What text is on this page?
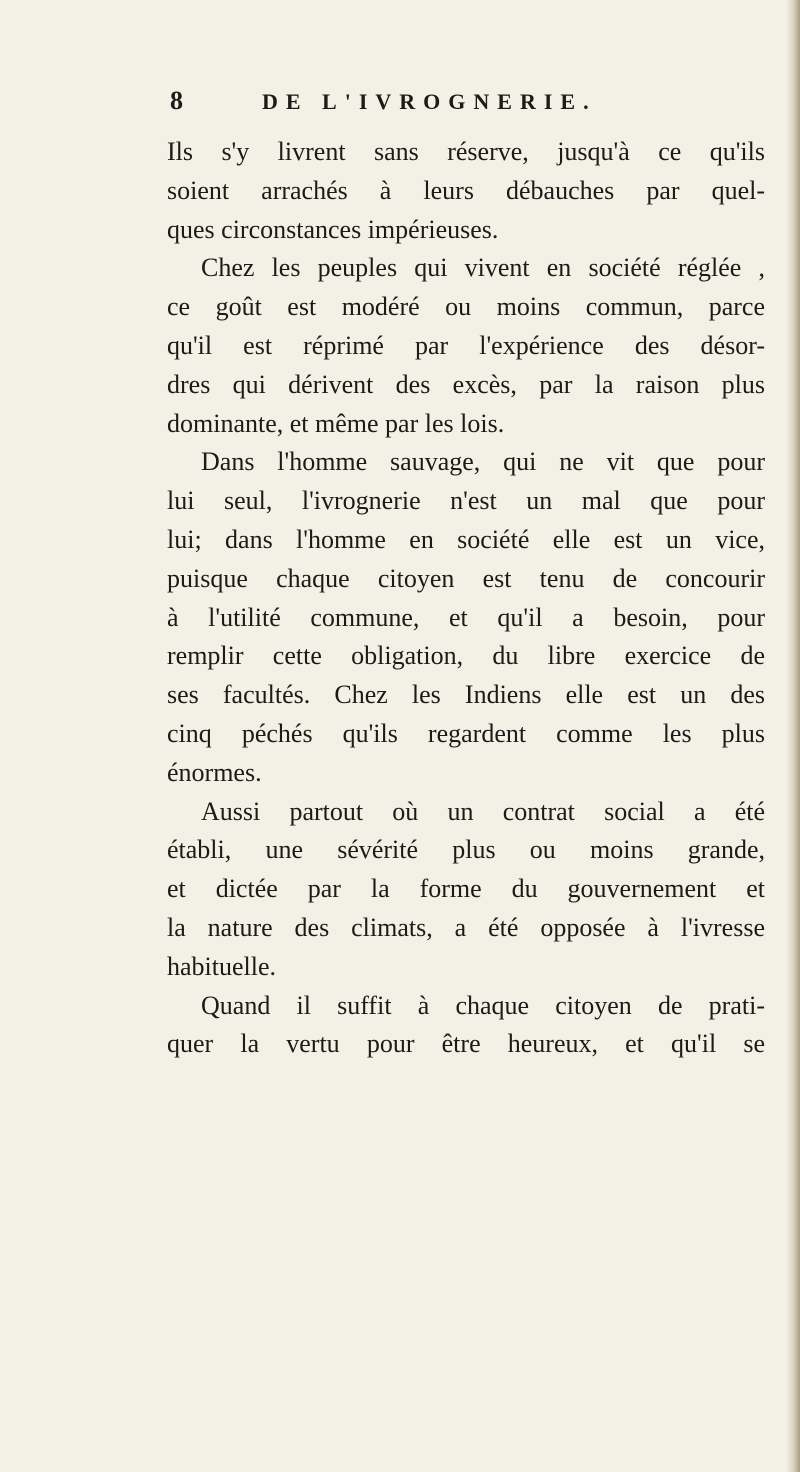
8	DE L'IVROGNERIE.
Ils s'y livrent sans réserve, jusqu'à ce qu'ils
soient arrachés à leurs débauches par quel-
ques circonstances impérieuses.
Chez les peuples qui vivent en société réglée ,
ce goût est modéré ou moins commun, parce
qu'il est réprimé par l'expérience des désor-
dres qui dérivent des excès, par la raison plus
dominante, et même par les lois.
Dans l'homme sauvage, qui ne vit que pour
lui seul, l'ivrognerie n'est un mal que pour
lui; dans l'homme en société elle est un vice,
puisque chaque citoyen est tenu de concourir
à l'utilité commune, et qu'il a besoin, pour
remplir cette obligation, du libre exercice de
ses facultés. Chez les Indiens elle est un des
cinq péchés qu'ils regardent comme les plus
énormes.
Aussi partout où un contrat social a été
établi, une sévérité plus ou moins grande,
et dictée par la forme du gouvernement et
la nature des climats, a été opposée à l'ivresse
habituelle.
Quand il suffit à chaque citoyen de prati-
quer la vertu pour être heureux, et qu'il se
